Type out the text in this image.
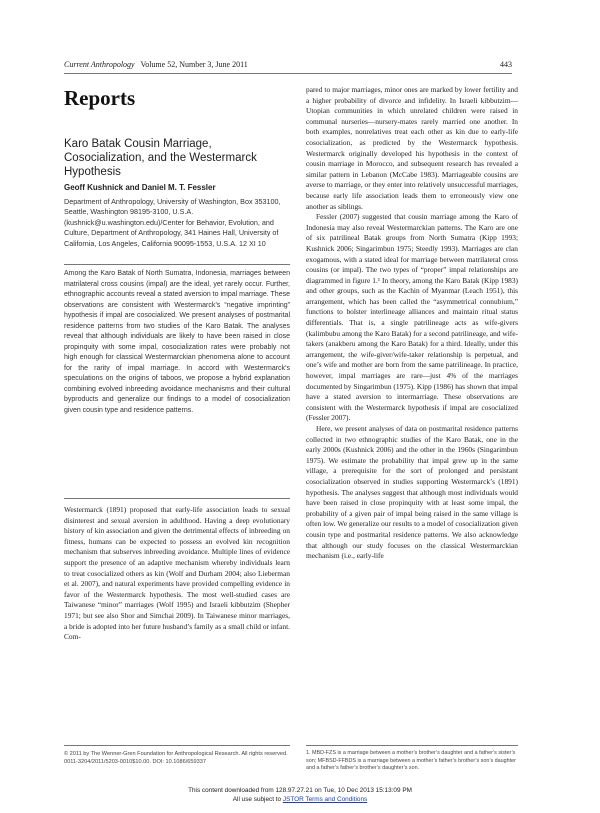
Current Anthropology Volume 52, Number 3, June 2011	443
Reports
Karo Batak Cousin Marriage, Cosocialization, and the Westermarck Hypothesis
Geoff Kushnick and Daniel M. T. Fessler
Department of Anthropology, University of Washington, Box 353100, Seattle, Washington 98195-3100, U.S.A. (kushnick@u.washington.edu)/Center for Behavior, Evolution, and Culture, Department of Anthropology, 341 Haines Hall, University of California, Los Angeles, California 90095-1553, U.S.A. 12 XI 10
Among the Karo Batak of North Sumatra, Indonesia, marriages between matrilateral cross cousins (impal) are the ideal, yet rarely occur. Further, ethnographic accounts reveal a stated aversion to impal marriage. These observations are consistent with Westermarck’s “negative imprinting” hypothesis if impal are cosocialized. We present analyses of postmarital residence patterns from two studies of the Karo Batak. The analyses reveal that although individuals are likely to have been raised in close propinquity with some impal, cosocialization rates were probably not high enough for classical Westermarckian phenomena alone to account for the rarity of impal marriage. In accord with Westermarck’s speculations on the origins of taboos, we propose a hybrid explanation combining evolved inbreeding avoidance mechanisms and their cultural byproducts and generalize our findings to a model of cosocialization given cousin type and residence patterns.
Westermarck (1891) proposed that early-life association leads to sexual disinterest and sexual aversion in adulthood. Having a deep evolutionary history of kin association and given the detrimental effects of inbreeding on fitness, humans can be expected to possess an evolved kin recognition mechanism that subserves inbreeding avoidance. Multiple lines of evidence support the presence of an adaptive mechanism whereby individuals learn to treat cosocialized others as kin (Wolf and Durham 2004; also Lieberman et al. 2007), and natural experiments have provided compelling evidence in favor of the Westermarck hypothesis. The most well-studied cases are Taiwanese “minor” marriages (Wolf 1995) and Israeli kibbutzim (Shepher 1971; but see also Shor and Simchai 2009). In Taiwanese minor marriages, a bride is adopted into her future husband’s family as a small child or infant. Com-
© 2011 by The Wenner-Gren Foundation for Anthropological Research. All rights reserved. 0011-3204/2011/5203-0010$10.00. DOI: 10.1086/659337

pared to major marriages, minor ones are marked by lower fertility and a higher probability of divorce and infidelity. In Israeli kibbutzim—Utopian communities in which unrelated children were raised in communal nurseries—nursery-mates rarely married one another. In both examples, nonrelatives treat each other as kin due to early-life cosocialization, as predicted by the Westermarck hypothesis. Westermarck originally developed his hypothesis in the context of cousin marriage in Morocco, and subsequent research has revealed a similar pattern in Lebanon (McCabe 1983). Marriageable cousins are averse to marriage, or they enter into relatively unsuccessful marriages, because early life association leads them to erroneously view one another as siblings.

Fessler (2007) suggested that cousin marriage among the Karo of Indonesia may also reveal Westermarckian patterns. The Karo are one of six patrilineal Batak groups from North Sumatra (Kipp 1993; Kushnick 2006; Singarimbun 1975; Steedly 1993). Marriages are clan exogamous, with a stated ideal for marriage between matrilateral cross cousins (or impal). The two types of “proper” impal relationships are diagrammed in figure 1.¹ In theory, among the Karo Batak (Kipp 1983) and other groups, such as the Kachin of Myanmar (Leach 1951), this arrangement, which has been called the “asymmetrical connubium,” functions to bolster interlineage alliances and maintain ritual status differentials. That is, a single patrilineage acts as wife-givers (kalimbubu among the Karo Batak) for a second patrilineage, and wife-takers (anakberu among the Karo Batak) for a third. Ideally, under this arrangement, the wife-giver/wife-taker relationship is perpetual, and one’s wife and mother are born from the same patrilineage. In practice, however, impal marriages are rare—just 4% of the marriages documented by Singarimbun (1975). Kipp (1986) has shown that impal have a stated aversion to intermarriage. These observations are consistent with the Westermarck hypothesis if impal are cosocialized (Fessler 2007).

Here, we present analyses of data on postmarital residence patterns collected in two ethnographic studies of the Karo Batak, one in the early 2000s (Kushnick 2006) and the other in the 1960s (Singarimbun 1975). We estimate the probability that impal grew up in the same village, a prerequisite for the sort of prolonged and persistant cosocialization observed in studies supporting Westermarck’s (1891) hypothesis. The analyses suggest that although most individuals would have been raised in close propinquity with at least some impal, the probability of a given pair of impal being raised in the same village is often low. We generalize our results to a model of cosocialization given cousin type and postmarital residence patterns. We also acknowledge that although our study focuses on the classical Westermarckian mechanism (i.e., early-life

1. MBD-FZS is a marriage between a mother’s brother’s daughter and a father’s sister’s son; MFBSD-FFBDS is a marriage between a mother’s father’s brother’s son’s daughter and a father’s father’s brother’s daughter’s son.
This content downloaded from 128.97.27.21 on Tue, 10 Dec 2013 15:13:09 PM
All use subject to JSTOR Terms and Conditions
